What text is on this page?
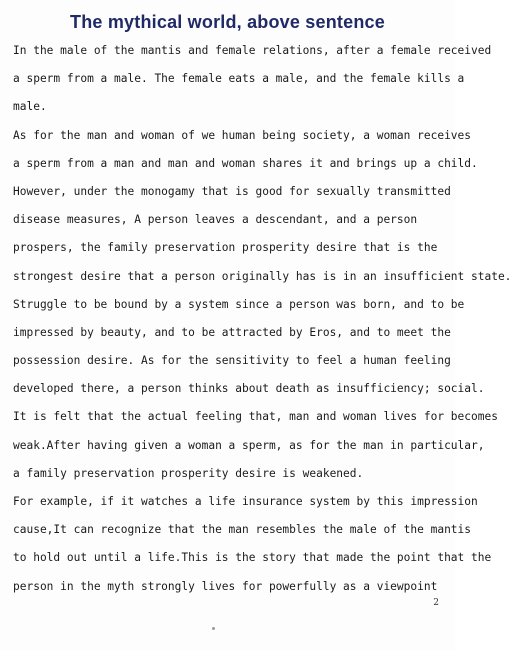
The mythical world, above sentence
In the male of the mantis and female relations, after a female received
a sperm from a male. The female eats a male, and the female kills a
male.
As for the man and woman of we human being society, a woman receives
a sperm from a man and man and woman shares it and brings up a child.
However, under the monogamy that is good for sexually transmitted
disease measures, A person leaves a descendant, and a person
prospers, the family preservation prosperity desire that is the
strongest desire that a person originally has is in an insufficient state.
Struggle to be bound by a system since a person was born, and to be
impressed by beauty, and to be attracted by Eros, and to meet the
possession desire. As for the sensitivity to feel a human feeling
developed there, a person thinks about death as insufficiency; social.
It is felt that the actual feeling that, man and woman lives for becomes
weak.After having given a woman a sperm, as for the man in particular,
a family preservation prosperity desire is weakened.
For example, if it watches a life insurance system by this impression
cause,It can recognize that the man resembles the male of the mantis
to hold out until a life.This is the story that made the point that the
person in the myth strongly lives for powerfully as a viewpoint
2
